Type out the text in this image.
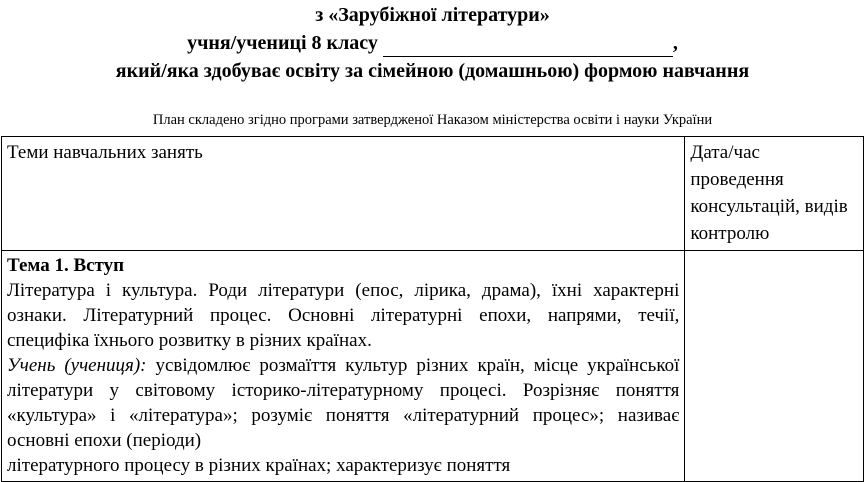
з «Зарубіжної літератури»
учня/учениці 8 класу	,
який/яка здобуває освіту за сімейною (домашньою) формою навчання
План складено згідно програми затвердженої Наказом міністерства освіти і науки України
Теми навчальних занять	Дата/час проведення консультацій, видів контролю

Тема 1. Вступ
Література і культура. Роди літератури (епос, лірика, драма), їхні характерні ознаки. Літературний процес. Основні літературні епохи, напрями, течії, специфіка їхнього розвитку в різних країнах.
Учень (учениця): усвідомлює розмаїття культур різних країн, місце української літератури у світовому історико-літературному процесі. Розрізняє поняття «культура» і «література»; розуміє поняття «літературний процес»; називає основні епохи (періоди)
літературного процесу в різних країнах; характеризує поняття	
